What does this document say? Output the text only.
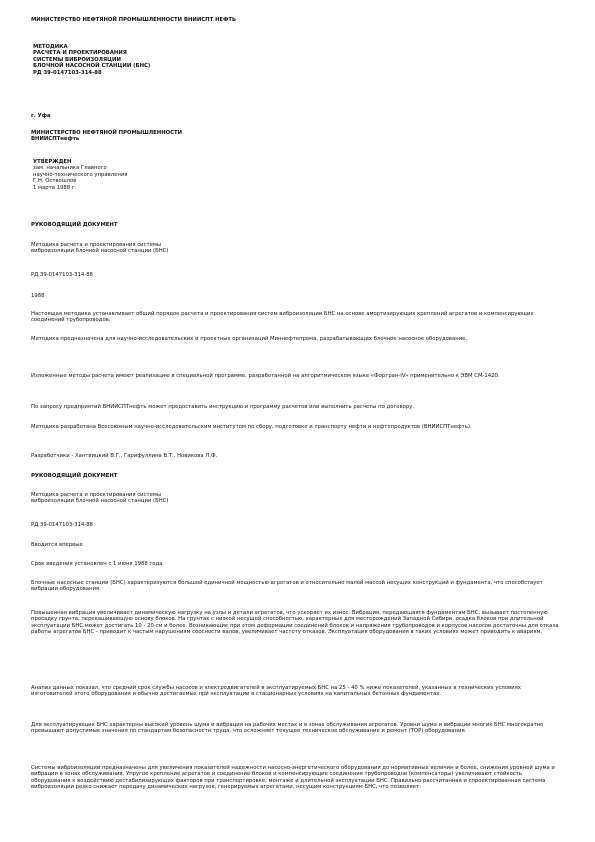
МИНИСТЕРСТВО НЕФТЯНОЙ ПРОМЫШЛЕННОСТИ ВНИИСПТ НЕФТЬ
МЕТОДИКА
РАСЧЕТА И ПРОЕКТИРОВАНИЯ
СИСТЕМЫ ВИБРОИЗОЛЯЦИИ
БЛОЧНОЙ НАСОСНОЙ СТАНЦИИ (БНС)
РД 39-0147103-314-88
г. Уфа
МИНИСТЕРСТВО НЕФТЯНОЙ ПРОМЫШЛЕННОСТИ
ВНИИСПТнефть
УТВЕРЖДЕН
зам. начальника Главного
научно-технического управления
Г.Н. Оствошлов
1 марта 1988 г.
РУКОВОДЯЩИЙ ДОКУМЕНТ
Методика расчета и проектирования системы
виброизоляции блочной насосной станции (БНС)
РД 39-0147103-314-88
1988

Настоящая методика устанавливает общий порядок расчета и проектирования систем виброизоляции БНС на основе амортизирующих креплений агрегатов и компенсирующих соединений трубопроводов.

Методика предназначена для научно-исследовательских и проектных организаций Миннефтепрома, разрабатывающих блочное насосное оборудование.

Изложенные методы расчета имеют реализацию в специальной программе, разработанной на алгоритмическом языке «Фортран-IV» применительно к ЭВМ СМ-1420.

По запросу предприятий ВНИИСПТнефть может предоставить инструкцию и программу расчетов или выполнить расчеты по договору.

Методика разработана Всесоюзным научно-исследовательским институтом по сбору, подготовке и транспорту нефти и нефтепродуктов (ВНИИСПТнефть).

Разработчики - Хантвицкий В.Г., Гарифуллина В.Т., Новикова Л.Ф.

РУКОВОДЯЩИЙ ДОКУМЕНТ
Методика расчета и проектирования системы
виброизоляции блочной насосной станции (БНС)
РД 39-0147103-314-88
Вводится впервые
Срок введения установлен с 1 июня 1988 года

Блочные насосные станции (БНС) характеризуются большой единичной мощностью агрегатов и относительно малой массой несущих конструкций и фундамента, что способствует вибрации оборудования.

Повышенная вибрация увеличивает динамическую нагрузку на узлы и детали агрегатов, что ускоряет их износ. Вибрация, передающаяся фундаментам БНС, вызывает постепенную просадку грунта, перекашивающую основу блоков. На грунтах с низкой несущей способностью, характерных для месторождений Западной Сибири, осадка блоков при длительной эксплуатации БНС может достигать 10 - 20 см и более. Возникающие при этом деформации соединений блоков и напряжения трубопроводов и корпусов насосов достаточны для отказа работы агрегатов БНС - приводит к частым нарушениям соосности валов, увеличивает частоту отказов. Эксплуатация оборудования в таких условиях может приводить к авариям.

Анализ данных показал, что средний срок службы насосов и электродвигателей в эксплуатируемых БНС на 25 - 40 % ниже показателей, указанных в технических условиях изготовителей этого оборудования и обычно достигаемых при эксплуатации в стационарных условиях на капитальных бетонных фундаментах.

Для эксплуатирующих БНС характерны высокий уровень шума и вибрация на рабочих местах и в зонах обслуживания агрегатов. Уровни шума и вибрации многих БНС многократно превышают допустимые значения по стандартам безопасности труда, что осложняет текущее техническое обслуживание и ремонт (ТОР) оборудования.

Системы виброизоляции предназначены для увеличения показателей надежности насосно-энергетического оборудования до нормативных величин и более, снижения уровней шума и вибрации в зонах обслуживания. Упругое крепление агрегатов и соединение блоков и компенсирующие соединения трубопроводов (компенсаторы) увеличивают стойкость оборудования к воздействию дестабилизирующих факторов при транспортировке, монтаже и длительной эксплуатации БНС. Правильно рассчитанная и спроектированная система виброизоляции резко снижает передачу динамических нагрузок, генерируемых агрегатами, несущим конструкциям БНС, что позволяет
